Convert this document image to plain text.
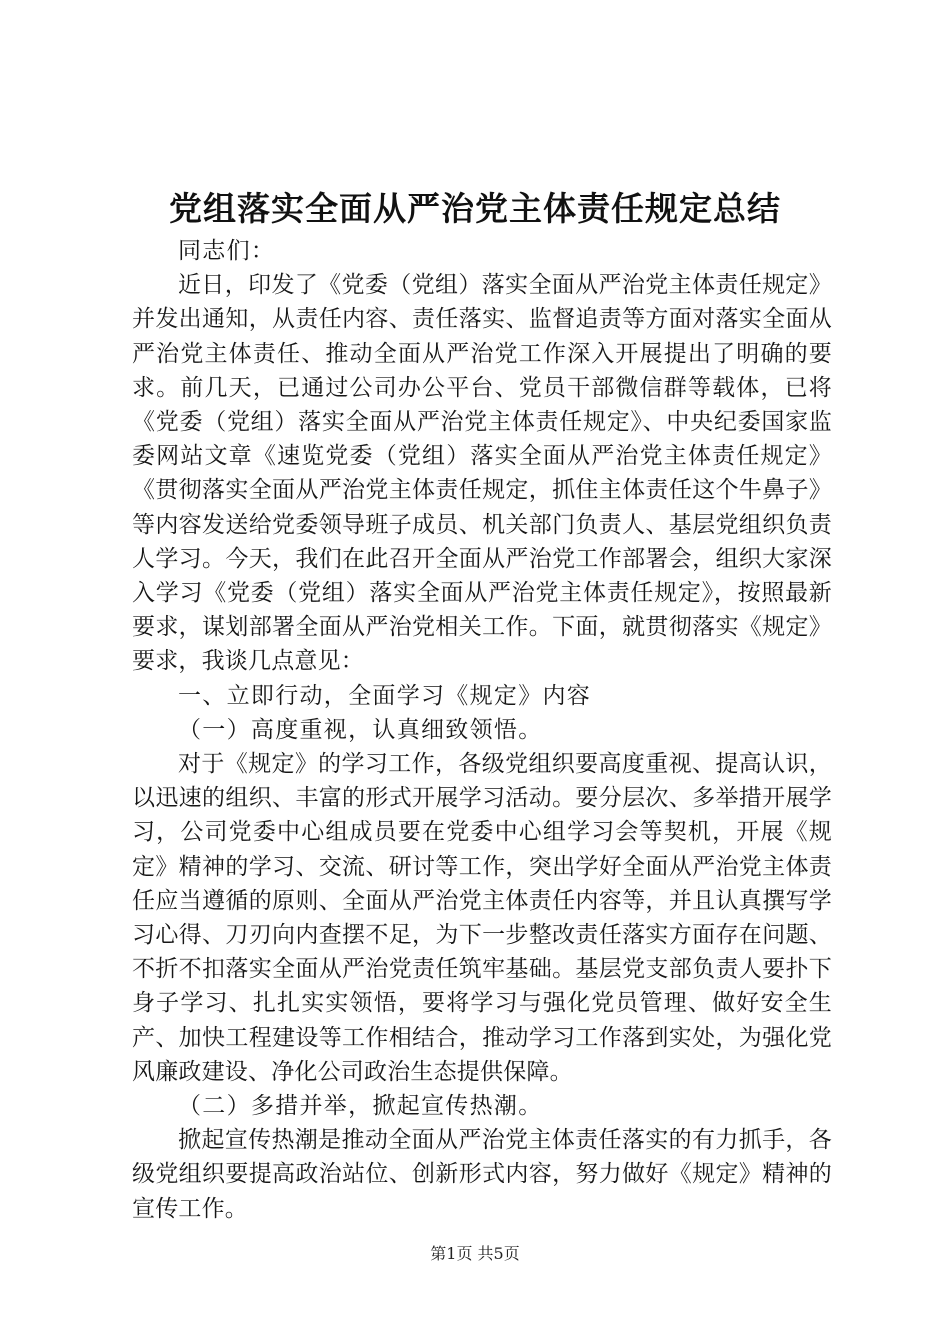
党组落实全面从严治党主体责任规定总结

同志们：

近日，印发了《党委（党组）落实全面从严治党主体责任规定》并发出通知，从责任内容、责任落实、监督追责等方面对落实全面从严治党主体责任、推动全面从严治党工作深入开展提出了明确的要求。前几天，已通过公司办公平台、党员干部微信群等载体，已将《党委（党组）落实全面从严治党主体责任规定》、中央纪委国家监委网站文章《速览党委（党组）落实全面从严治党主体责任规定》《贯彻落实全面从严治党主体责任规定，抓住主体责任这个牛鼻子》等内容发送给党委领导班子成员、机关部门负责人、基层党组织负责人学习。今天，我们在此召开全面从严治党工作部署会，组织大家深入学习《党委（党组）落实全面从严治党主体责任规定》，按照最新要求，谋划部署全面从严治党相关工作。下面，就贯彻落实《规定》要求，我谈几点意见：

一、立即行动，全面学习《规定》内容

（一）高度重视，认真细致领悟。

对于《规定》的学习工作，各级党组织要高度重视、提高认识，以迅速的组织、丰富的形式开展学习活动。要分层次、多举措开展学习，公司党委中心组成员要在党委中心组学习会等契机，开展《规定》精神的学习、交流、研讨等工作，突出学好全面从严治党主体责任应当遵循的原则、全面从严治党主体责任内容等，并且认真撰写学习心得、刀刃向内查摆不足，为下一步整改责任落实方面存在问题、不折不扣落实全面从严治党责任筑牢基础。基层党支部负责人要扑下身子学习、扎扎实实领悟，要将学习与强化党员管理、做好安全生产、加快工程建设等工作相结合，推动学习工作落到实处，为强化党风廉政建设、净化公司政治生态提供保障。

（二）多措并举，掀起宣传热潮。

掀起宣传热潮是推动全面从严治党主体责任落实的有力抓手，各级党组织要提高政治站位、创新形式内容，努力做好《规定》精神的宣传工作。

第1页 共5页
